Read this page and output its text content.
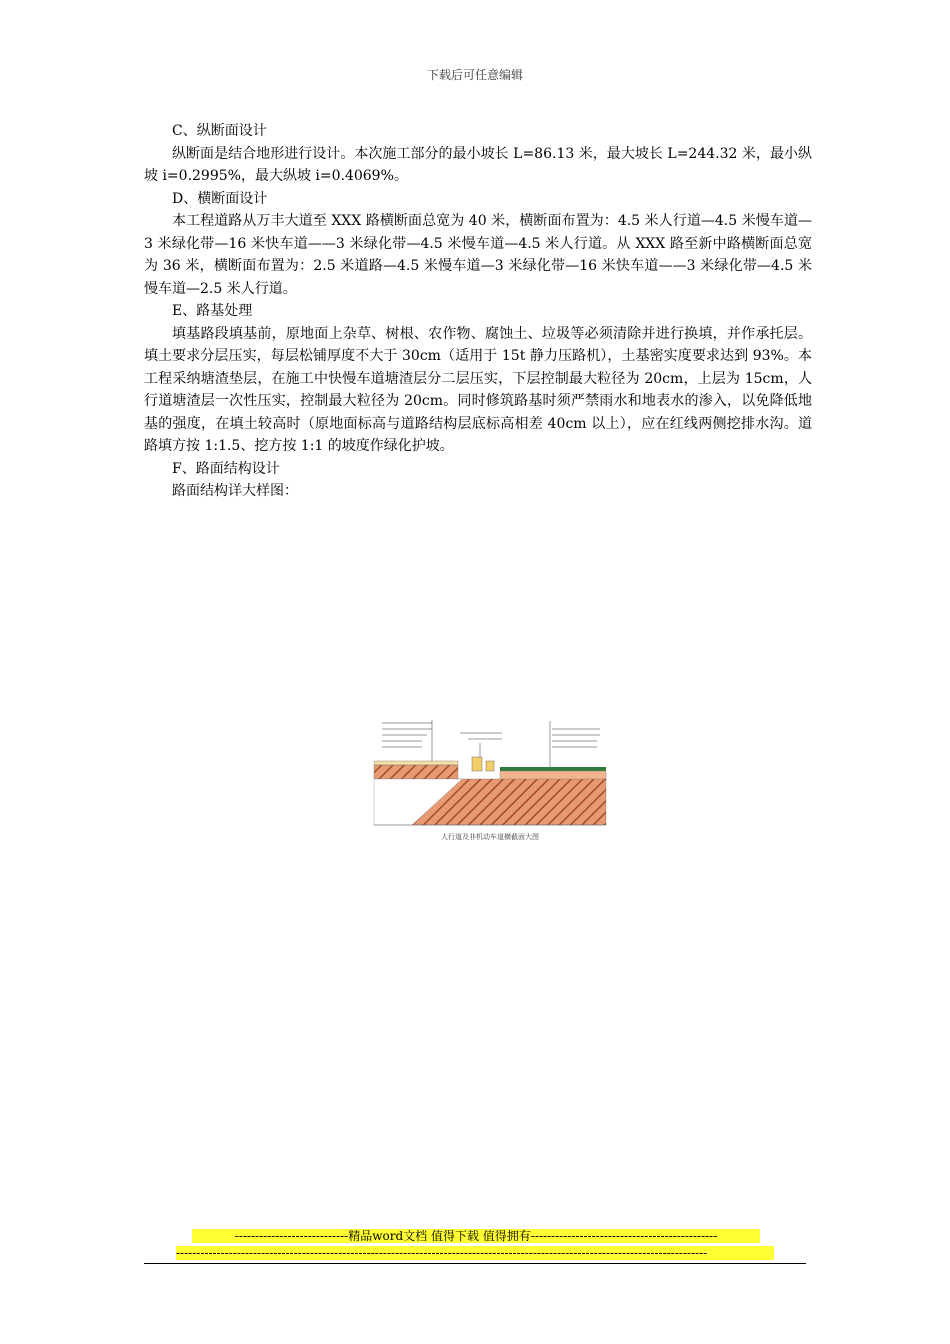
下载后可任意编辑

C、纵断面设计

纵断面是结合地形进行设计。本次施工部分的最小坡长 L=86.13 米，最大坡长 L=244.32 米，最小纵坡 i=0.2995%，最大纵坡 i=0.4069%。

D、横断面设计

本工程道路从万丰大道至 XXX 路横断面总宽为 40 米，横断面布置为：4.5 米人行道—4.5 米慢车道—3 米绿化带—16 米快车道——3 米绿化带—4.5 米慢车道—4.5 米人行道。从 XXX 路至新中路横断面总宽为 36 米，横断面布置为：2.5 米道路—4.5 米慢车道—3 米绿化带—16 米快车道——3 米绿化带—4.5 米慢车道—2.5 米人行道。

E、路基处理

填基路段填基前，原地面上杂草、树根、农作物、腐蚀土、垃圾等必须清除并进行换填，并作承托层。填土要求分层压实，每层松铺厚度不大于 30cm（适用于 15t 静力压路机），土基密实度要求达到 93%。本工程采纳塘渣垫层，在施工中快慢车道塘渣层分二层压实，下层控制最大粒径为 20cm，上层为 15cm，人行道塘渣层一次性压实，控制最大粒径为 20cm。同时修筑路基时须严禁雨水和地表水的渗入，以免降低地基的强度，在填土较高时（原地面标高与道路结构层底标高相差 40cm 以上），应在红线两侧挖排水沟。道路填方按 1:1.5、挖方按 1:1 的坡度作绿化护坡。

F、路面结构设计

路面结构详大样图：

人行道及非机动车道横截面大图
----------------------------精品word文档 值得下载 值得拥有----------------------------------------------
-----------------------------------------------------------------------------------------------------------------------------------
